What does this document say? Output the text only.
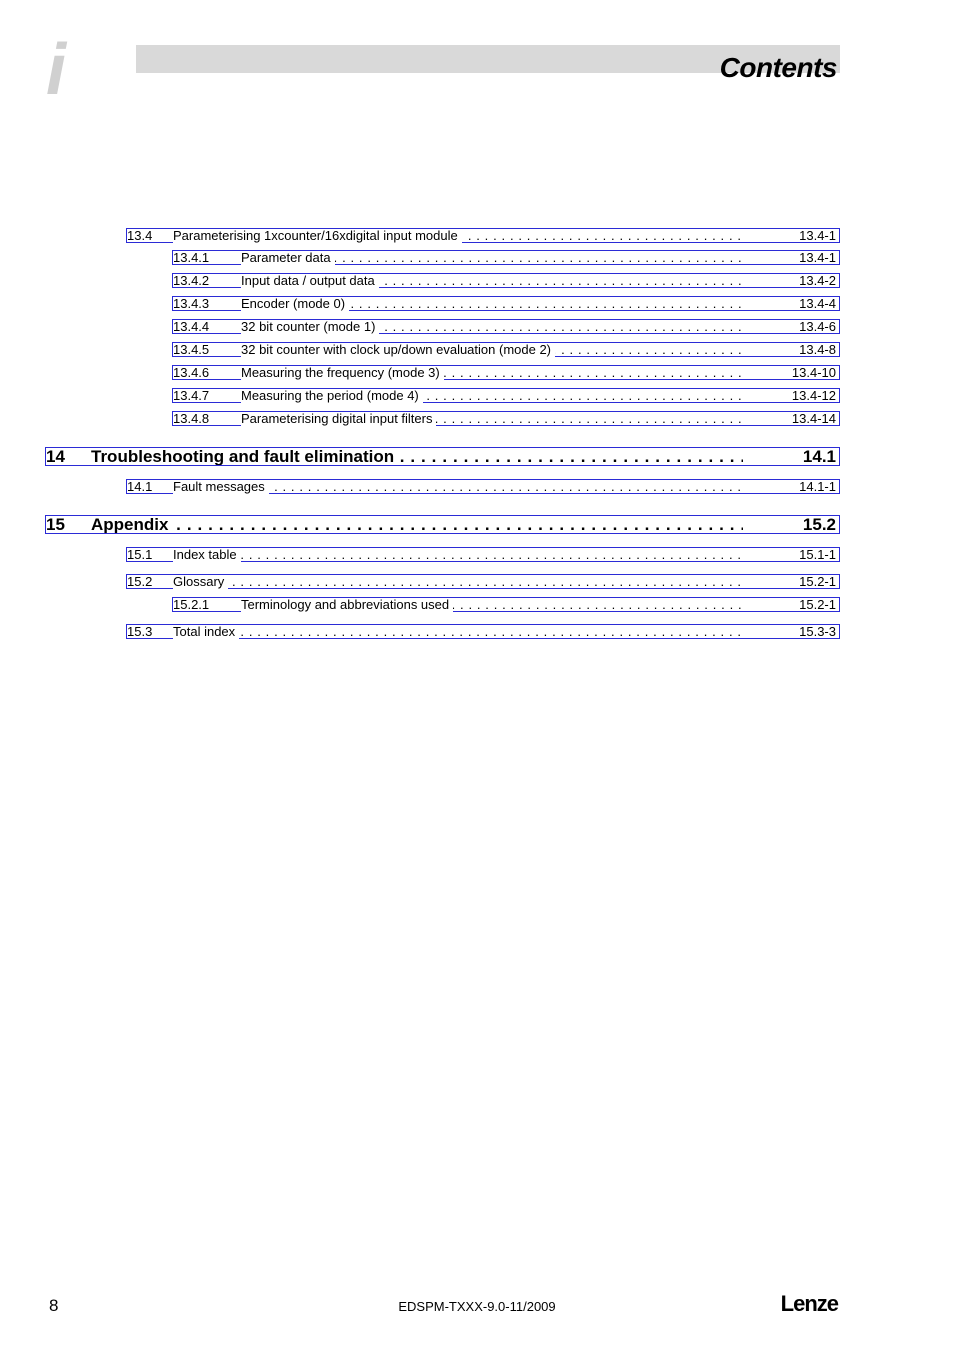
i	Contents
13.4 Parameterising 1xcounter/16xdigital input module . . .	13.4-1
13.4.1 Parameter data . . .	13.4-1
13.4.2 Input data / output data . . .	13.4-2
13.4.3 Encoder (mode 0) . . .	13.4-4
13.4.4 32 bit counter (mode 1) . . .	13.4-6
13.4.5 32 bit counter with clock up/down evaluation (mode 2) . . .	13.4-8
13.4.6 Measuring the frequency (mode 3) . . .	13.4-10
13.4.7 Measuring the period (mode 4) . . .	13.4-12
13.4.8 Parameterising digital input filters . . .	13.4-14
14 Troubleshooting and fault elimination . . .	14.1
14.1 Fault messages . . .	14.1-1
15 Appendix . . .	15.2
15.1 Index table . . .	15.1-1
15.2 Glossary . . .	15.2-1
15.2.1 Terminology and abbreviations used . . .	15.2-1
15.3 Total index . . .	15.3-3
8	EDSPM-TXXX-9.0-11/2009	Lenze
